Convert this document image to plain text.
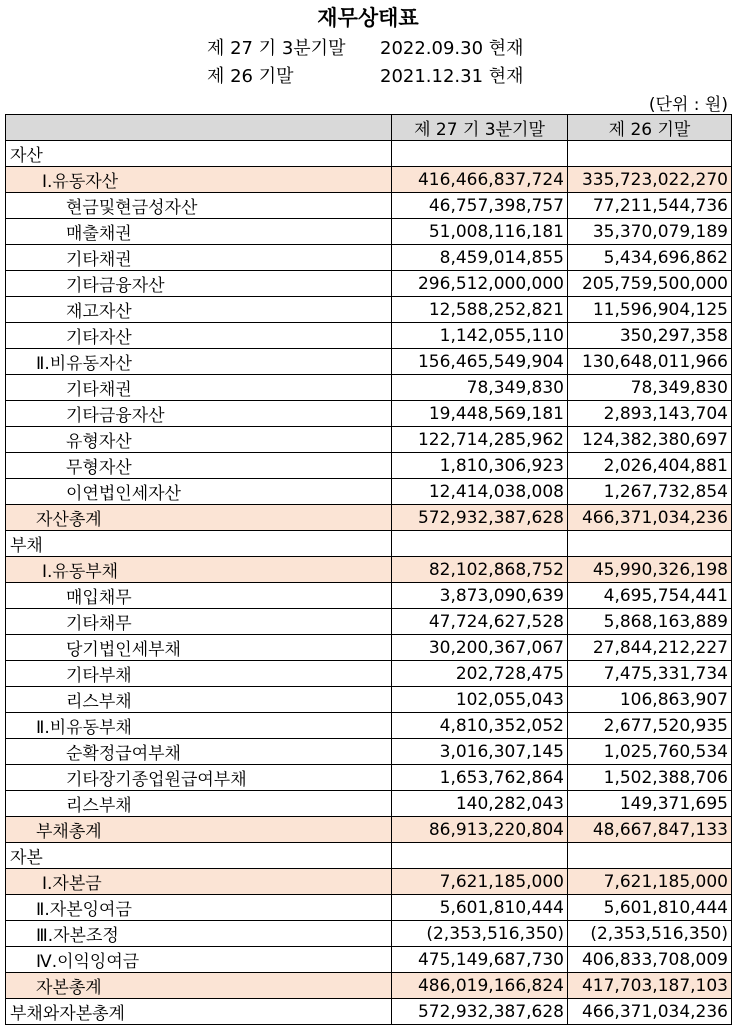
재무상태표
제 27 기 3분기말 2022.09.30 현재
제 26 기말	2021.12.31 현재
(단위 : 원)
	제 27 기 3분기말	제 26 기말
자산		
Ⅰ.유동자산	416,466,837,724	335,723,022,270
현금및현금성자산	46,757,398,757	77,211,544,736
매출채권	51,008,116,181	35,370,079,189
기타채권	8,459,014,855	5,434,696,862
기타금융자산	296,512,000,000	205,759,500,000
재고자산	12,588,252,821	11,596,904,125
기타자산	1,142,055,110	350,297,358
Ⅱ.비유동자산	156,465,549,904	130,648,011,966
기타채권	78,349,830	78,349,830
기타금융자산	19,448,569,181	2,893,143,704
유형자산	122,714,285,962	124,382,380,697
무형자산	1,810,306,923	2,026,404,881
이연법인세자산	12,414,038,008	1,267,732,854
자산총계	572,932,387,628	466,371,034,236
부채		
Ⅰ.유동부채	82,102,868,752	45,990,326,198
매입채무	3,873,090,639	4,695,754,441
기타채무	47,724,627,528	5,868,163,889
당기법인세부채	30,200,367,067	27,844,212,227
기타부채	202,728,475	7,475,331,734
리스부채	102,055,043	106,863,907
Ⅱ.비유동부채	4,810,352,052	2,677,520,935
순확정급여부채	3,016,307,145	1,025,760,534
기타장기종업원급여부채	1,653,762,864	1,502,388,706
리스부채	140,282,043	149,371,695
부채총계	86,913,220,804	48,667,847,133
자본		
Ⅰ.자본금	7,621,185,000	7,621,185,000
Ⅱ.자본잉여금	5,601,810,444	5,601,810,444
Ⅲ.자본조정	(2,353,516,350)	(2,353,516,350)
Ⅳ.이익잉여금	475,149,687,730	406,833,708,009
자본총계	486,019,166,824	417,703,187,103
부채와자본총계	572,932,387,628	466,371,034,236
